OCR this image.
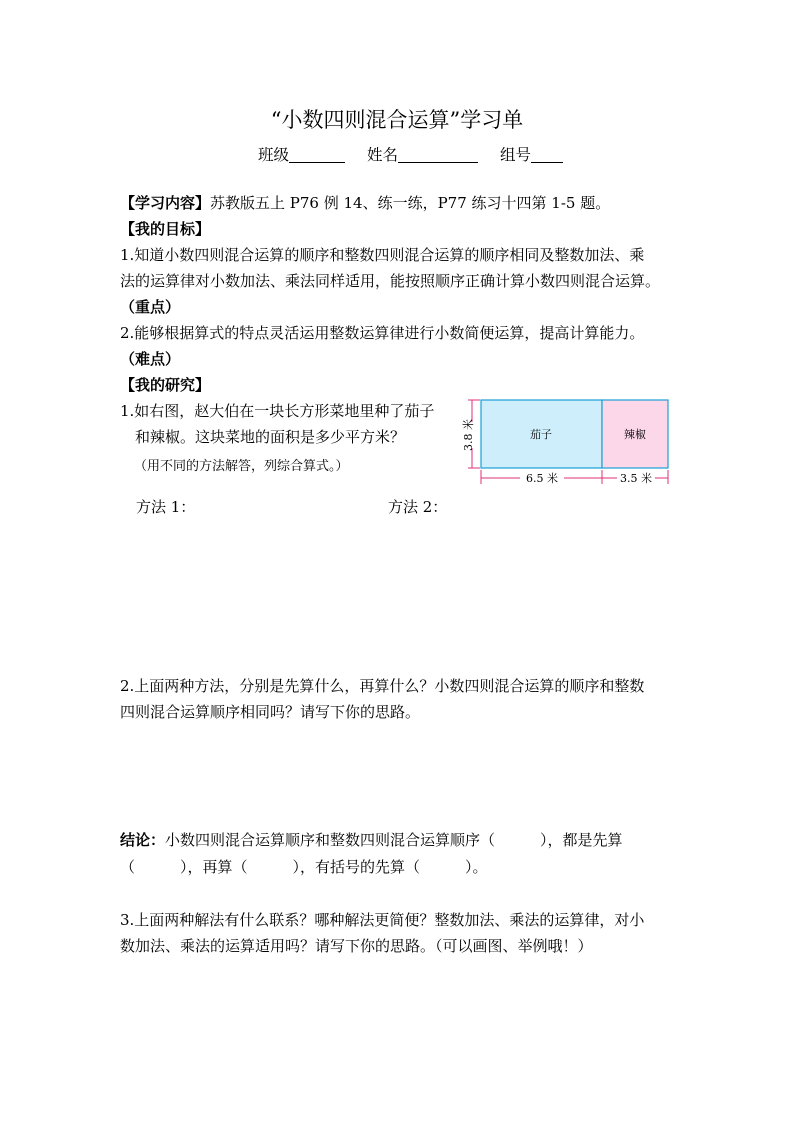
“小数四则混合运算”学习单
班级	姓名	组号
【学习内容】苏教版五上 P76 例 14、练一练，P77 练习十四第 1-5 题。
【我的目标】
1.知道小数四则混合运算的顺序和整数四则混合运算的顺序相同及整数加法、乘
法的运算律对小数加法、乘法同样适用，能按照顺序正确计算小数四则混合运算。
（重点）
2.能够根据算式的特点灵活运用整数运算律进行小数简便运算，提高计算能力。
（难点）
【我的研究】
1.如右图，赵大伯在一块长方形菜地里种了茄子
和辣椒。这块菜地的面积是多少平方米？
（用不同的方法解答，列综合算式。）
茄子	辣椒
3.8 米
6.5 米	3.5 米
方法 1：	方法 2：
2.上面两种方法，分别是先算什么，再算什么？小数四则混合运算的顺序和整数
四则混合运算顺序相同吗？请写下你的思路。
结论：小数四则混合运算顺序和整数四则混合运算顺序（　　　），都是先算
（　　　），再算（　　　），有括号的先算（　　　）。
3.上面两种解法有什么联系？哪种解法更简便？整数加法、乘法的运算律，对小
数加法、乘法的运算适用吗？请写下你的思路。（可以画图、举例哦！）
